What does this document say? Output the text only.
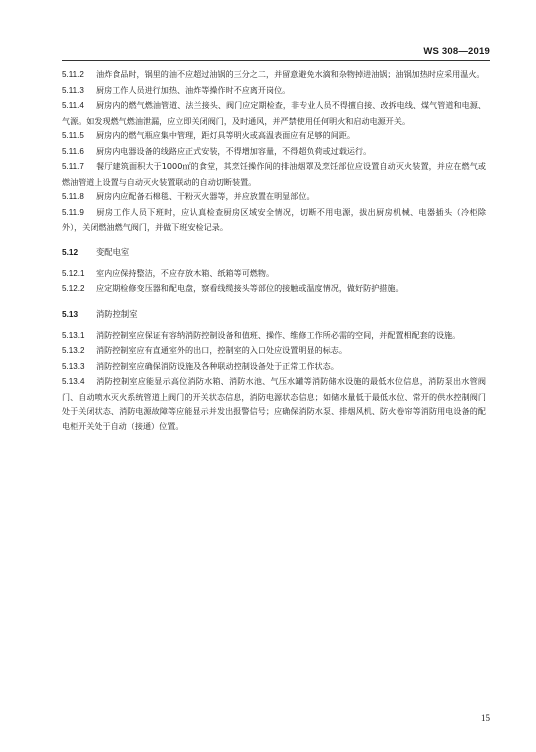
WS 308—2019

5.11.2 油炸食品时，锅里的油不应超过油锅的三分之二，并留意避免水滴和杂物掉进油锅；油锅加热时应采用温火。

5.11.3 厨房工作人员进行加热、油炸等操作时不应离开岗位。

5.11.4 厨房内的燃气燃油管道、法兰接头、阀门应定期检查，非专业人员不得擅自接、改拆电线、煤气管道和电源、气源。如发现燃气燃油泄漏，应立即关闭阀门，及时通风，并严禁使用任何明火和启动电源开关。

5.11.5 厨房内的燃气瓶应集中管理，距灯具等明火或高温表面应有足够的间距。

5.11.6 厨房内电器设备的线路应正式安装，不得增加容量，不得超负荷或过载运行。

5.11.7 餐厅建筑面积大于1000㎡的食堂，其烹饪操作间的排油烟罩及烹饪部位应设置自动灭火装置，并应在燃气或燃油管道上设置与自动灭火装置联动的自动切断装置。

5.11.8 厨房内应配备石棉毯、干粉灭火器等，并应放置在明显部位。

5.11.9 厨房工作人员下班时，应认真检查厨房区域安全情况，切断不用电源，拔出厨房机械、电器插头（冷柜除外），关闭燃油燃气阀门，并做下班安检记录。

5.12 变配电室

5.12.1 室内应保持整洁，不应存放木箱、纸箱等可燃物。

5.12.2 应定期检修变压器和配电盘，察看线缆接头等部位的接触或温度情况，做好防护措施。

5.13 消防控制室

5.13.1 消防控制室应保证有容纳消防控制设备和值班、操作、维修工作所必需的空间，并配置相配套的设施。

5.13.2 消防控制室应有直通室外的出口，控制室的入口处应设置明显的标志。

5.13.3 消防控制室应确保消防设施及各种联动控制设备处于正常工作状态。

5.13.4 消防控制室应能显示高位消防水箱、消防水池、气压水罐等消防储水设施的最低水位信息，消防泵出水管阀门、自动喷水灭火系统管道上阀门的开关状态信息，消防电源状态信息；如储水量低于最低水位、常开的供水控制阀门处于关闭状态、消防电源故障等应能显示并发出报警信号；应确保消防水泵、排烟风机、防火卷帘等消防用电设备的配电柜开关处于自动（接通）位置。

15
